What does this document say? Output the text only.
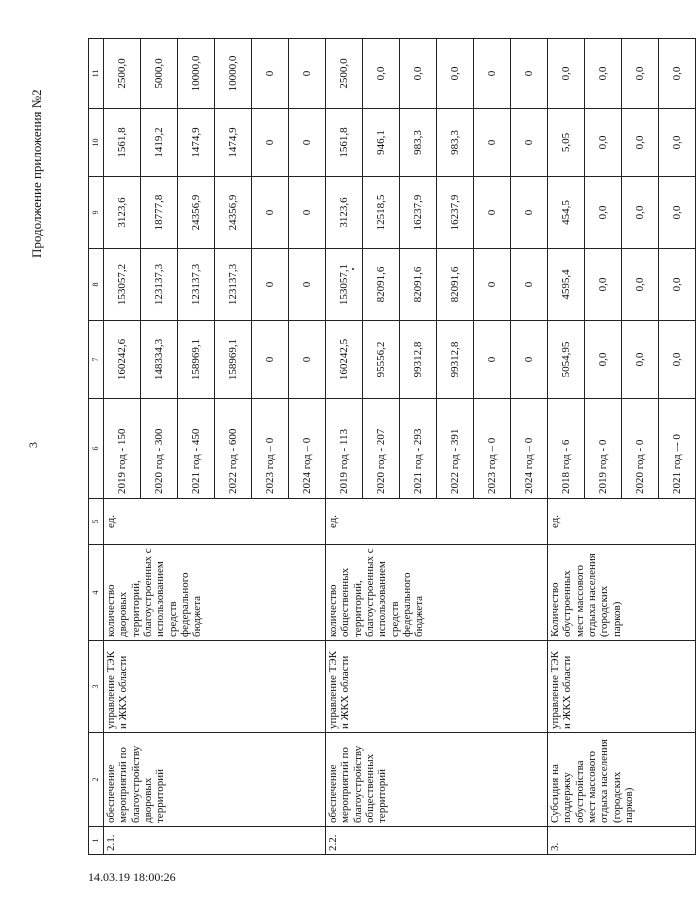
3
Продолжение приложения №2
1	2	3	4	5	6	7	8	9	10	11
2.1.	обеспечение мероприятий по благоустройству дворовых территорий	управление ТЭК и ЖКХ области	количество дворовых территорий, благоустроенных с использованием средств федерального бюджета	ед.	2019 год - 150	160242,6	153057,2	3123,6	1561,8	2500,0
					2020 год - 300	148334,3	123137,3	18777,8	1419,2	5000,0
					2021 год - 450	158969,1	123137,3	24356,9	1474,9	10000,0
					2022 год - 600	158969,1	123137,3	24356,9	1474,9	10000,0
					2023 год – 0	0	0	0	0	0
					2024 год – 0	0	0	0	0	0
2.2.	обеспечение мероприятий по благоустройству общественных территорий	управление ТЭК и ЖКХ области	количество общественных территорий, благоустроенных с использованием средств федерального бюджета	ед.	2019 год - 113	160242,5	153057,1	3123,6	1561,8	2500,0
					2020 год - 207	95556,2	82091,6	12518,5	946,1	0,0
					2021 год - 293	99312,8	82091,6	16237,9	983,3	0,0
					2022 год - 391	99312,8	82091,6	16237,9	983,3	0,0
					2023 год – 0	0	0	0	0	0
					2024 год – 0	0	0	0	0	0
3.	Субсидия на поддержку обустройства мест массового отдыха населения (городских парков)	управление ТЭК и ЖКХ области	Количество обустроенных мест массового отдыха населения (городских парков)	ед.	2018 год - 6	5054,95	4595,4	454,5	5,05	0,0
					2019 год - 0	0,0	0,0	0,0	0,0	0,0
					2020 год - 0	0,0	0,0	0,0	0,0	0,0
					2021 год –- 0	0,0	0,0	0,0	0,0	0,0
14.03.19 18:00:26
